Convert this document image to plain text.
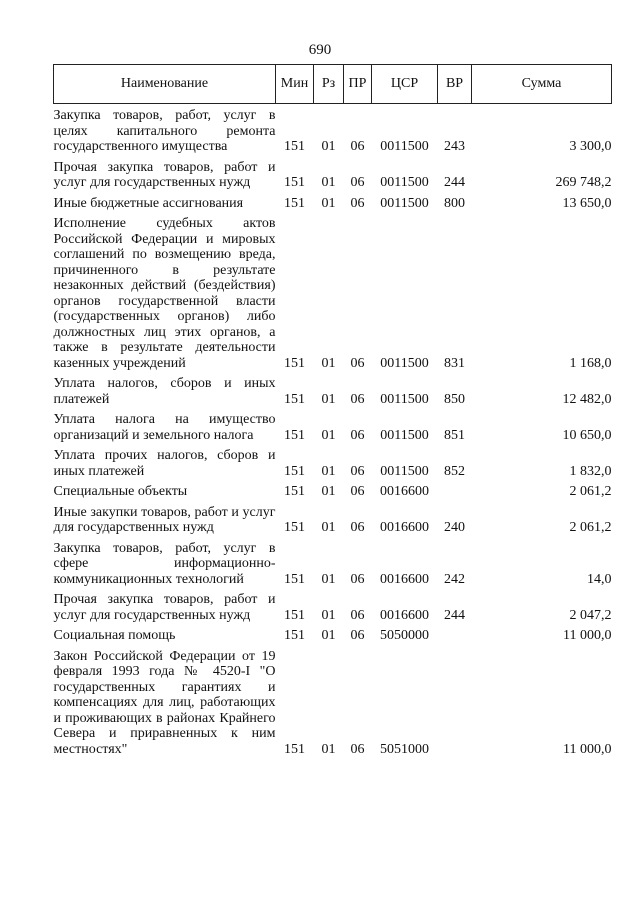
690
Наименование	Мин	Рз	ПР	ЦСР	ВР	Сумма
Закупка товаров, работ, услуг в целях капитального ремонта государственного имущества	151	01	06	0011500	243	3 300,0
Прочая закупка товаров, работ и услуг для государственных нужд	151	01	06	0011500	244	269 748,2
Иные бюджетные ассигнования	151	01	06	0011500	800	13 650,0
Исполнение судебных актов Российской Федерации и мировых соглашений по возмещению вреда, причиненного в результате незаконных действий (бездействия) органов государственной власти (государственных органов) либо должностных лиц этих органов, а также в результате деятельности казенных учреждений	151	01	06	0011500	831	1 168,0
Уплата налогов, сборов и иных платежей	151	01	06	0011500	850	12 482,0
Уплата налога на имущество организаций и земельного налога	151	01	06	0011500	851	10 650,0
Уплата прочих налогов, сборов и иных платежей	151	01	06	0011500	852	1 832,0
Специальные объекты	151	01	06	0016600		2 061,2
Иные закупки товаров, работ и услуг для государственных нужд	151	01	06	0016600	240	2 061,2
Закупка товаров, работ, услуг в сфере информационно-коммуникационных технологий	151	01	06	0016600	242	14,0
Прочая закупка товаров, работ и услуг для государственных нужд	151	01	06	0016600	244	2 047,2
Социальная помощь	151	01	06	5050000		11 000,0
Закон Российской Федерации от 19 февраля 1993 года № 4520-I "О государственных гарантиях и компенсациях для лиц, работающих и проживающих в районах Крайнего Севера и приравненных к ним местностях"	151	01	06	5051000		11 000,0
